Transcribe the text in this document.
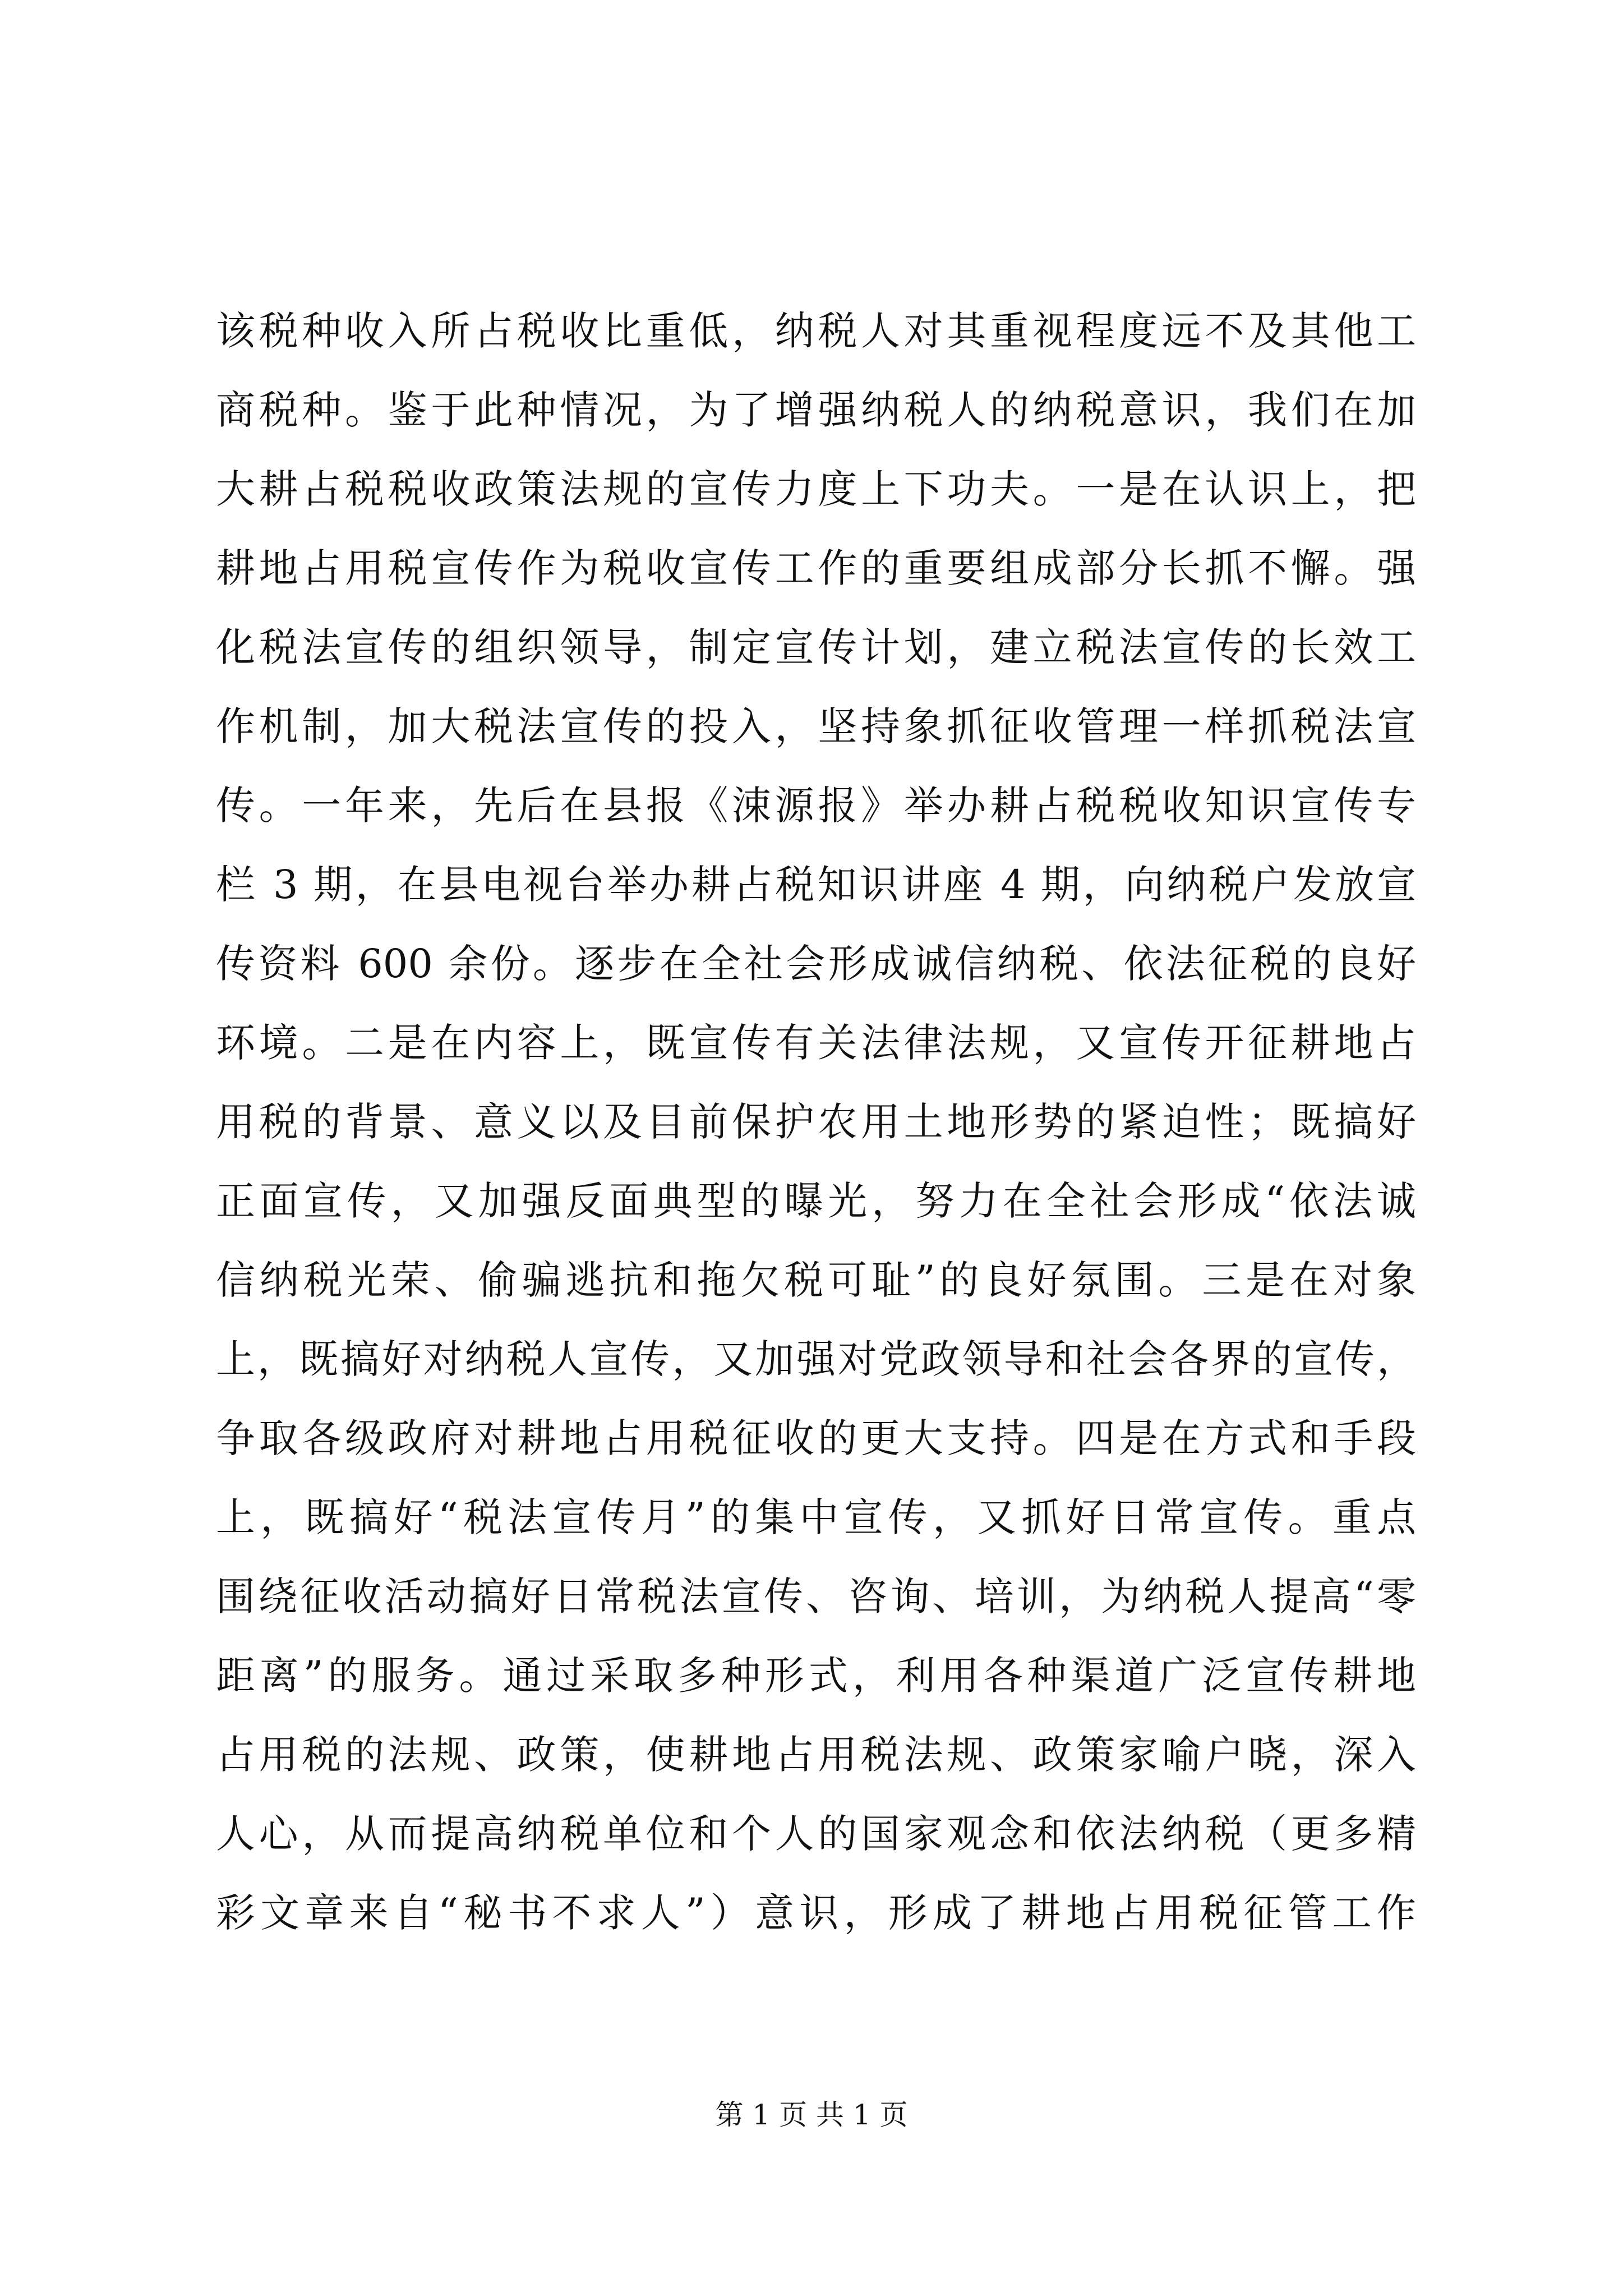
该税种收入所占税收比重低，纳税人对其重视程度远不及其他工
商税种。鉴于此种情况，为了增强纳税人的纳税意识，我们在加
大耕占税税收政策法规的宣传力度上下功夫。一是在认识上，把
耕地占用税宣传作为税收宣传工作的重要组成部分长抓不懈。强
化税法宣传的组织领导，制定宣传计划，建立税法宣传的长效工
作机制，加大税法宣传的投入，坚持象抓征收管理一样抓税法宣
传。一年来，先后在县报《涑源报》举办耕占税税收知识宣传专
栏 3 期，在县电视台举办耕占税知识讲座 4 期，向纳税户发放宣
传资料 600 余份。逐步在全社会形成诚信纳税、依法征税的良好
环境。二是在内容上，既宣传有关法律法规，又宣传开征耕地占
用税的背景、意义以及目前保护农用土地形势的紧迫性；既搞好
正面宣传，又加强反面典型的曝光，努力在全社会形成“依法诚
信纳税光荣、偷骗逃抗和拖欠税可耻”的良好氛围。三是在对象
上，既搞好对纳税人宣传，又加强对党政领导和社会各界的宣传，
争取各级政府对耕地占用税征收的更大支持。四是在方式和手段
上，既搞好“税法宣传月”的集中宣传，又抓好日常宣传。重点
围绕征收活动搞好日常税法宣传、咨询、培训，为纳税人提高“零
距离”的服务。通过采取多种形式，利用各种渠道广泛宣传耕地
占用税的法规、政策，使耕地占用税法规、政策家喻户晓，深入
人心，从而提高纳税单位和个人的国家观念和依法纳税（更多精
彩文章来自“秘书不求人”）意识，形成了耕地占用税征管工作
第 1 页 共 1 页
